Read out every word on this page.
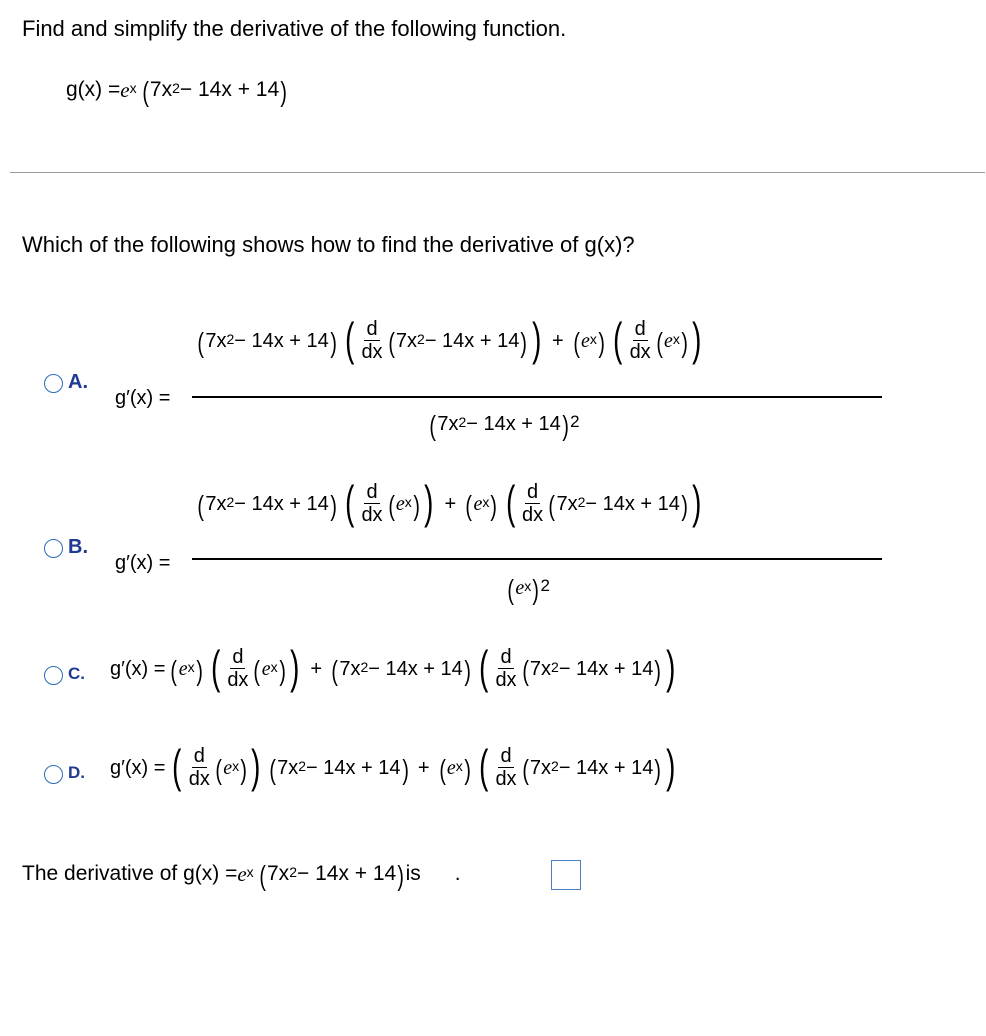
Find and simplify the derivative of the following function.
$g(x) = e^x$ ( $7x^2 - 14x + 14$ )
Which of the following shows how to find the derivative of g(x)?
A.
g′(x) =
( $7x^2 - 14x + 14$ ) ( $\frac{d}{dx}$ ( $7x^2 - 14x + 14$ ) ) + ( $e^x$ ) ( $\frac{d}{dx}$ ( $e^x$ ) )
( $7x^2 - 14x + 14$ )$^2$
B.
g′(x) =
( $7x^2 - 14x + 14$ ) ( $\frac{d}{dx}$ ( $e^x$ ) ) + ( $e^x$ ) ( $\frac{d}{dx}$ ( $7x^2 - 14x + 14$ ) )
( $e^x$ )$^2$
C. g′(x) = ( $e^x$ ) ( $\frac{d}{dx}$ ( $e^x$ ) ) + ( $7x^2 - 14x + 14$ ) ( $\frac{d}{dx}$ ( $7x^2 - 14x + 14$ ) )
D. g′(x) = ( $\frac{d}{dx}$ ( $e^x$ ) ) ( $7x^2 - 14x + 14$ ) + ( $e^x$ ) ( $\frac{d}{dx}$ ( $7x^2 - 14x + 14$ ) )
The derivative of $g(x) = e^x$ ( $7x^2 - 14x + 14$ ) is .
